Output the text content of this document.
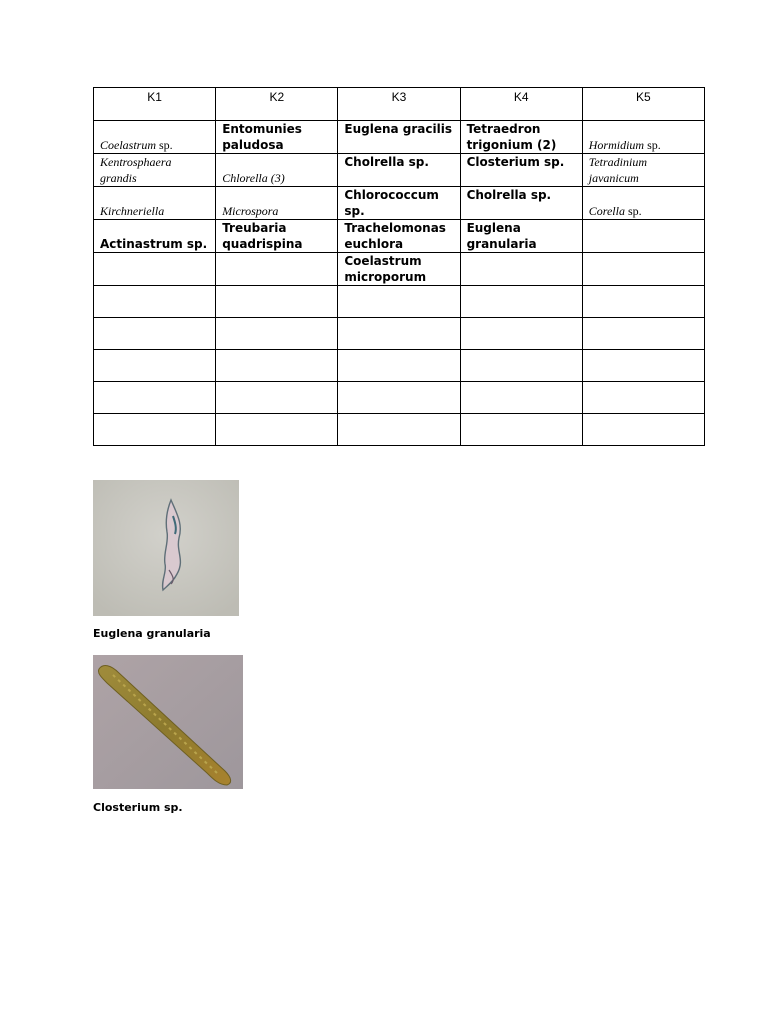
K1	K2	K3	K4	K5
Coelastrum sp.	Entomunies paludosa	Euglena gracilis	Tetraedron trigonium (2)	Hormidium sp.
Kentrosphaera grandis	Chlorella (3)	Cholrella sp.	Closterium sp.	Tetradinium javanicum
Kirchneriella	Microspora	Chlorococcum sp.	Cholrella sp.	Corella sp.
Actinastrum sp.	Treubaria quadrispina	Trachelomonas euchlora	Euglena granularia	
		Coelastrum microporum		

Euglena granularia

Closterium sp.
